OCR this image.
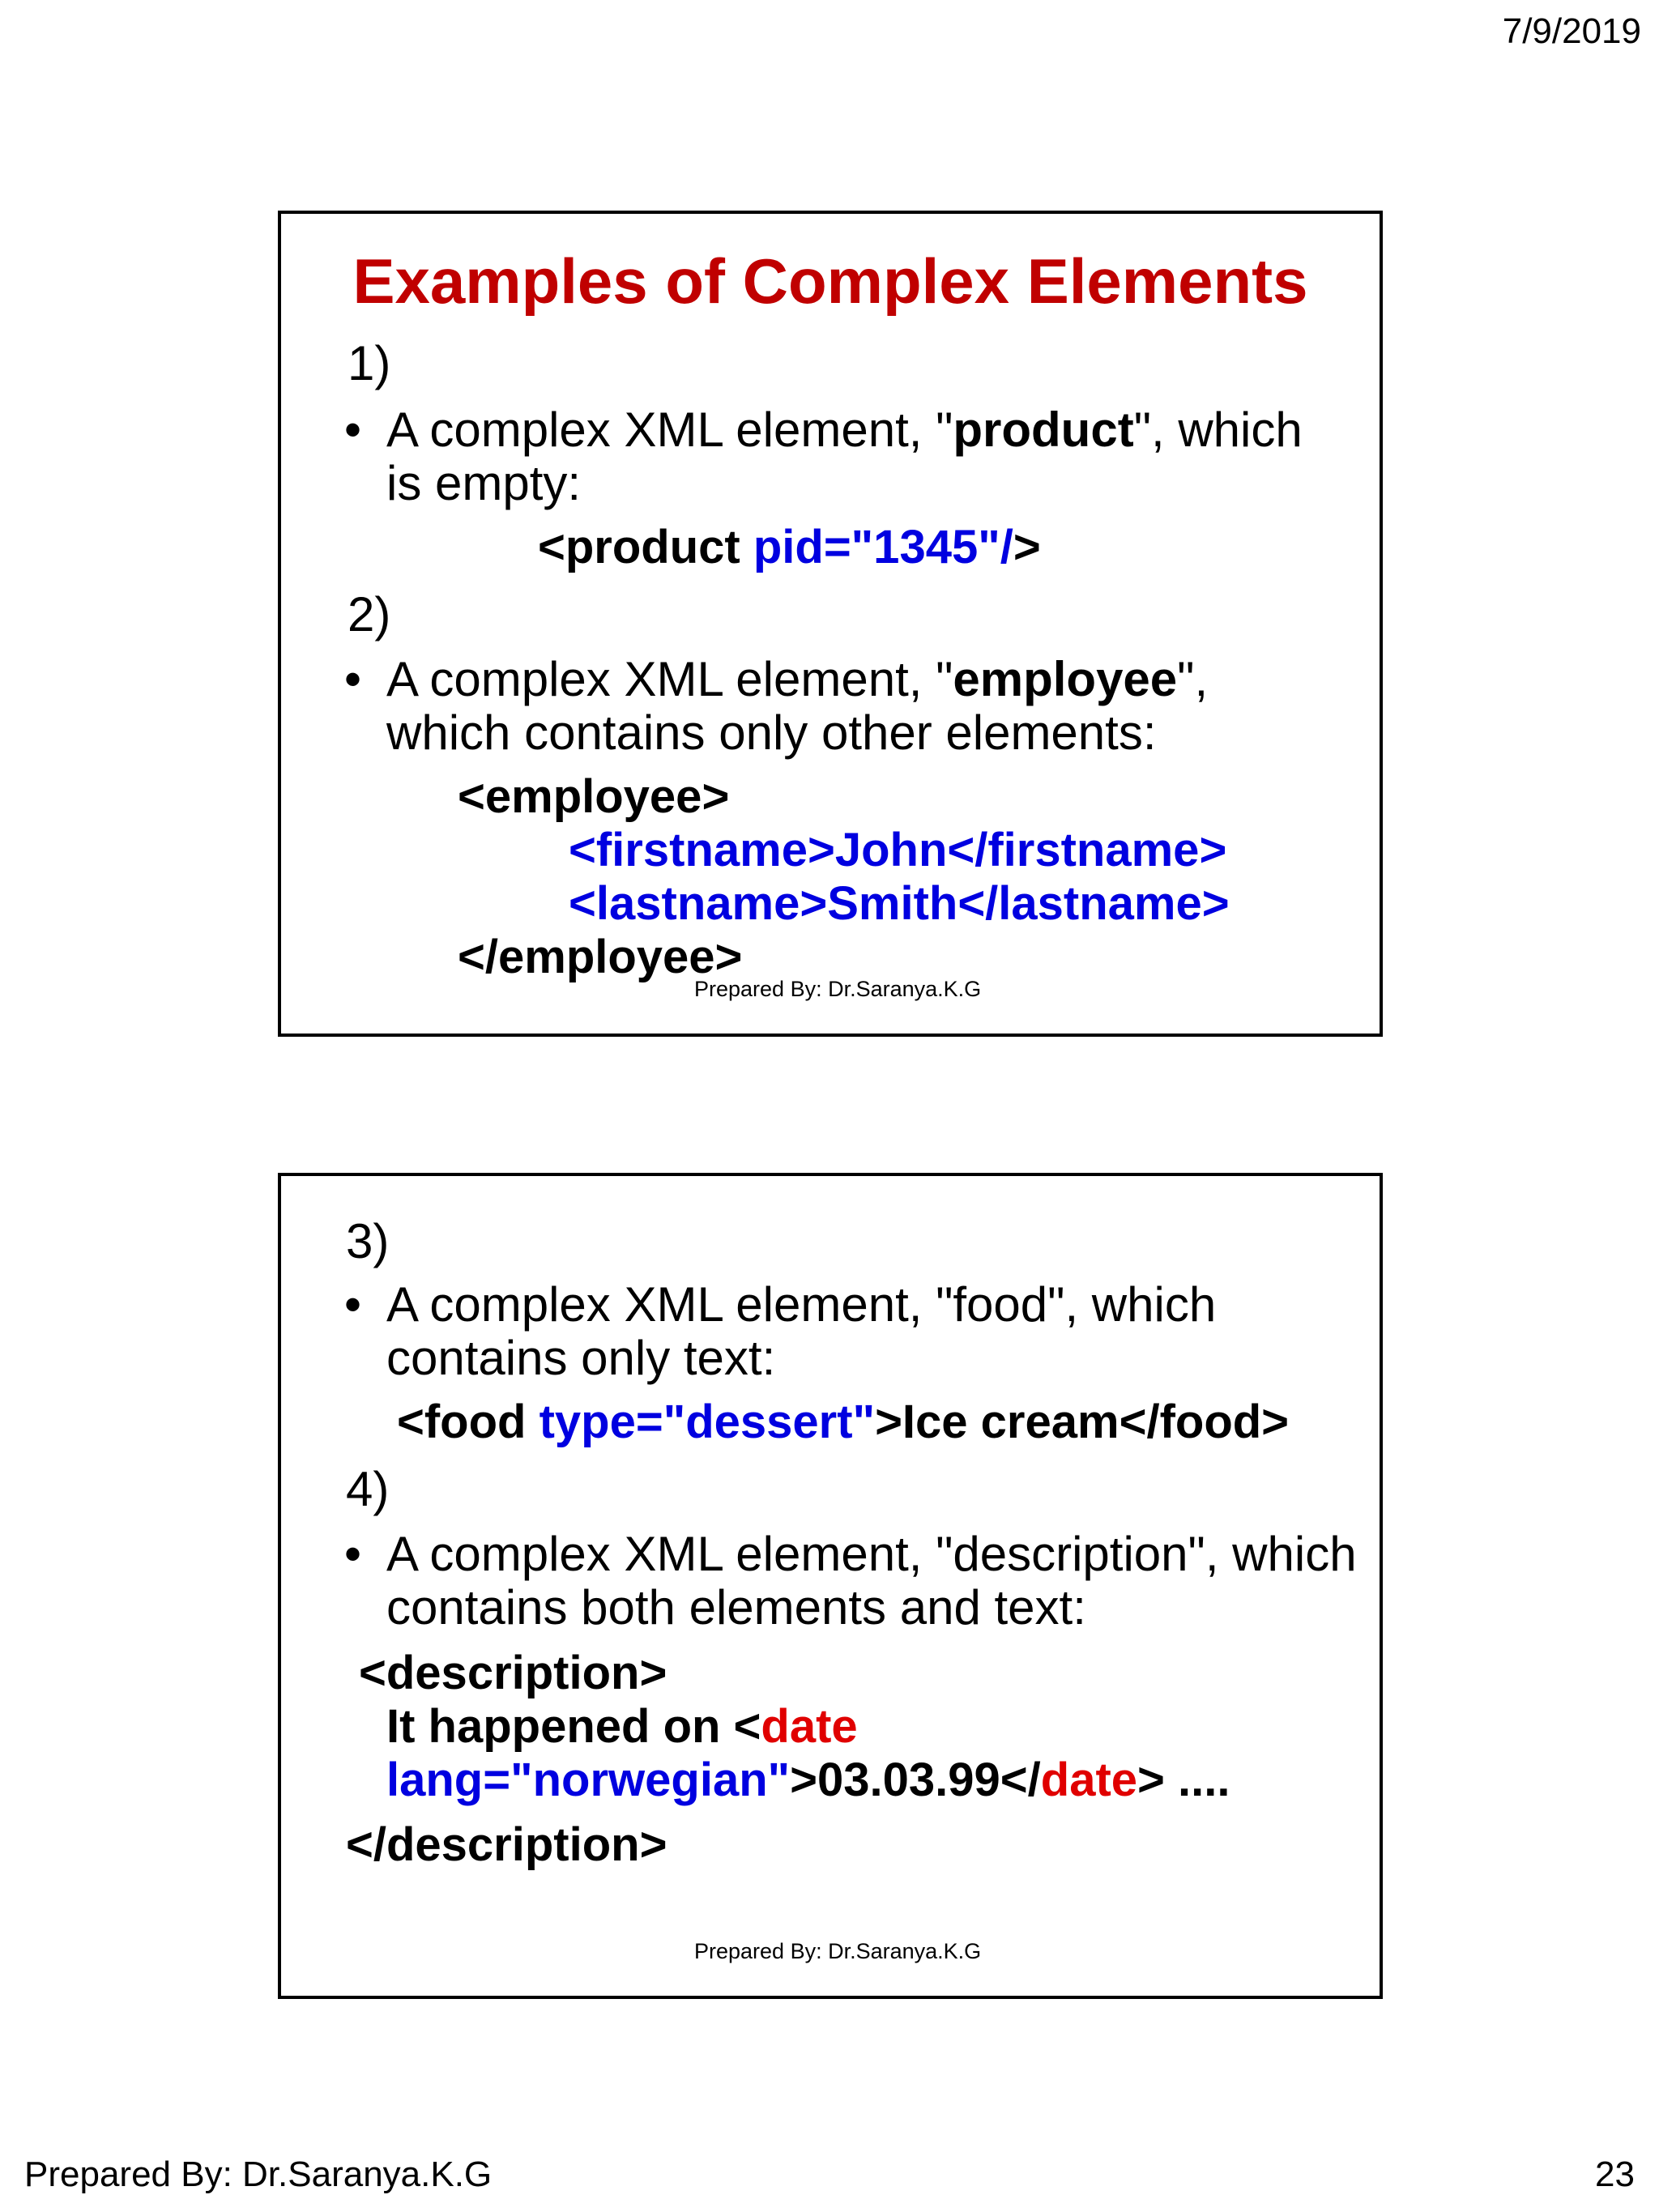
7/9/2019
Examples of Complex Elements
1)
• A complex XML element, "product", which
is empty:
<product pid="1345"/>
2)
• A complex XML element, "employee",
which contains only other elements:
<employee>
<firstname>John</firstname>
<lastname>Smith</lastname>
</employee>
Prepared By: Dr.Saranya.K.G
3)
• A complex XML element, "food", which
contains only text:
<food type="dessert">Ice cream</food>
4)
• A complex XML element, "description", which
contains both elements and text:
<description>
It happened on <date
lang="norwegian">03.03.99</date> ....
</description>
Prepared By: Dr.Saranya.K.G
Prepared By: Dr.Saranya.K.G	23
